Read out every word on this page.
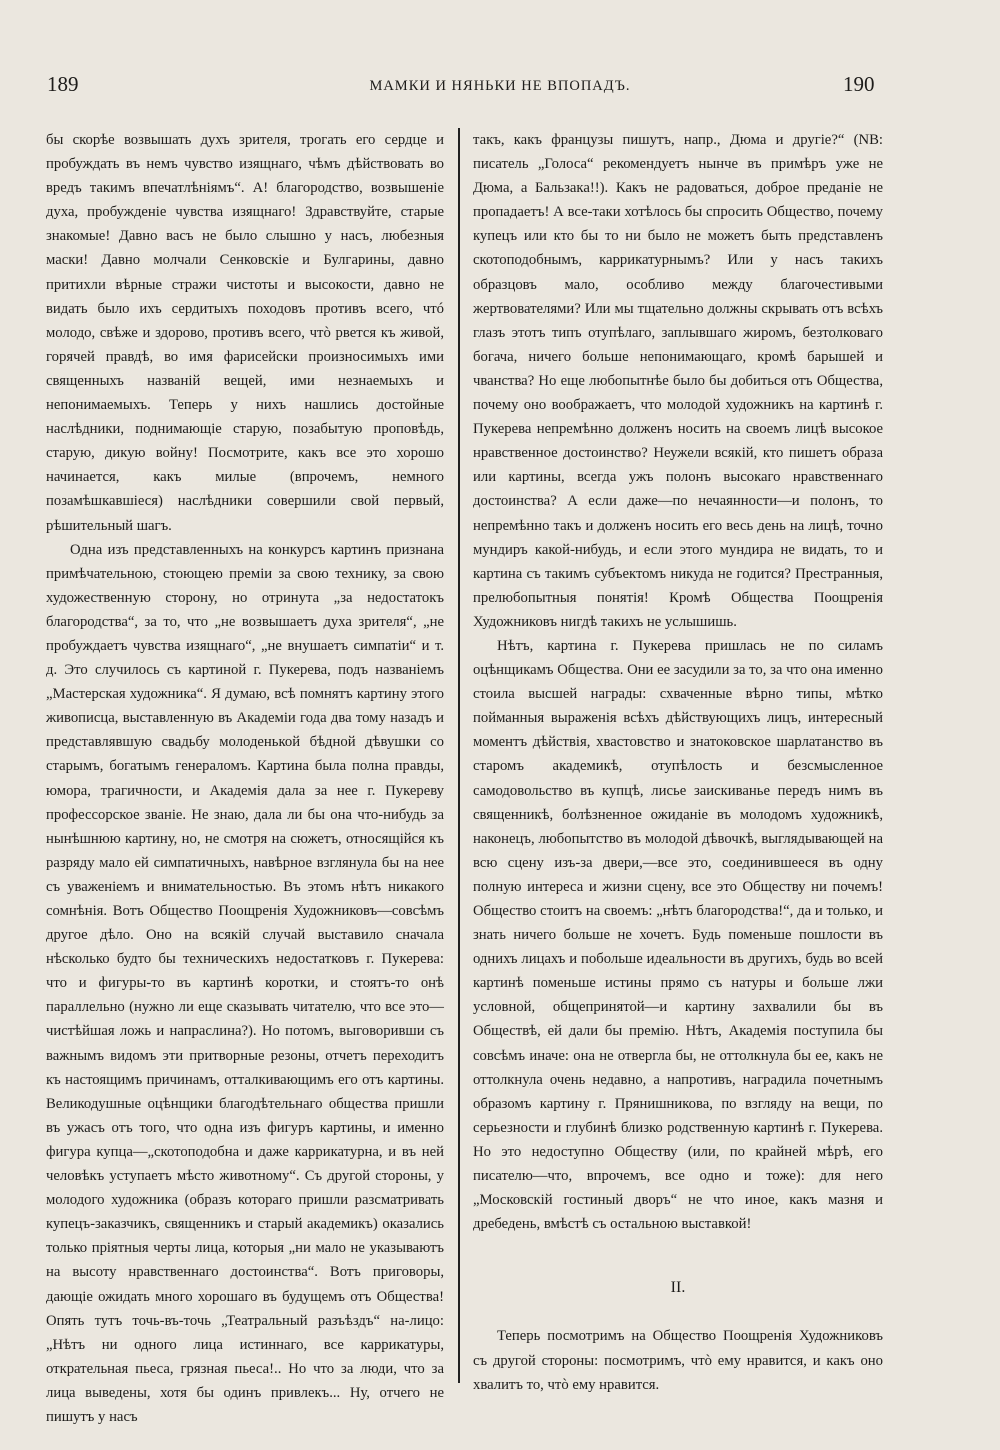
189	МАМКИ И НЯНЬКИ НЕ ВПОПАДЪ.	190

бы скорѣе возвышать духъ зрителя, трогать его сердце и пробуждать въ немъ чувство изящнаго, чѣмъ дѣйствовать во вредъ такимъ впечатлѣніямъ“. А! благородство, возвышеніе духа, пробужденіе чувства изящнаго! Здравствуйте, старые знакомые! Давно васъ не было слышно у насъ, любезныя маски! Давно молчали Сенковскіе и Булгарины, давно притихли вѣрные стражи чистоты и высокости, давно не видать было ихъ сердитыхъ походовъ противъ всего, чтó молодо, свѣже и здорово, противъ всего, чтò рвется къ живой, горячей правдѣ, во имя фарисейски произносимыхъ ими священныхъ названій вещей, ими незнаемыхъ и непонимаемыхъ. Теперь у нихъ нашлись достойные наслѣдники, поднимающіе старую, позабытую проповѣдь, старую, дикую войну! Посмотрите, какъ все это хорошо начинается, какъ милые (впрочемъ, немного позамѣшкавшіеся) наслѣдники совершили свой первый, рѣшительный шагъ.

Одна изъ представленныхъ на конкурсъ картинъ признана примѣчательною, стоющею преміи за свою технику, за свою художественную сторону, но отринута „за недостатокъ благородства“, за то, что „не возвышаетъ духа зрителя“, „не пробуждаетъ чувства изящнаго“, „не внушаетъ симпатіи“ и т. д. Это случилось съ картиной г. Пукерева, подъ названіемъ „Мастерская художника“. Я думаю, всѣ помнятъ картину этого живописца, выставленную въ Академіи года два тому назадъ и представлявшую свадьбу молоденькой бѣдной дѣвушки со старымъ, богатымъ генераломъ. Картина была полна правды, юмора, трагичности, и Академія дала за нее г. Пукереву профессорское званіе. Не знаю, дала ли бы она что-нибудь за нынѣшнюю картину, но, не смотря на сюжетъ, относящійся къ разряду мало ей симпатичныхъ, навѣрное взглянула бы на нее съ уваженіемъ и внимательностью. Въ этомъ нѣтъ никакого сомнѣнія. Вотъ Общество Поощренія Художниковъ—совсѣмъ другое дѣло. Оно на всякій случай выставило сначала нѣсколько будто бы техническихъ недостатковъ г. Пукерева: что и фигуры-то въ картинѣ коротки, и стоятъ-то онѣ параллельно (нужно ли еще сказывать читателю, что все это—чистѣйшая ложь и напраслина?). Но потомъ, выговоривши съ важнымъ видомъ эти притворные резоны, отчетъ переходитъ къ настоящимъ причинамъ, отталкивающимъ его отъ картины. Великодушные оцѣнщики благодѣтельнаго общества пришли въ ужасъ отъ того, что одна изъ фигуръ картины, и именно фигура купца—„скотоподобна и даже каррикатурна, и въ ней человѣкъ уступаетъ мѣсто животному“. Съ другой стороны, у молодого художника (образъ котораго пришли разсматривать купецъ-заказчикъ, священникъ и старый академикъ) оказались только пріятныя черты лица, которыя „ни мало не указываютъ на высоту нравственнаго достоинства“. Вотъ приговоры, дающіе ожидать много хорошаго въ будущемъ отъ Общества! Опять тутъ точь-въ-точь „Театральный разъѣздъ“ на-лицо: „Нѣтъ ни одного лица истиннаго, все каррикатуры, открательная пьеса, грязная пьеса!.. Но что за люди, что за лица выведены, хотя бы одинъ привлекъ... Ну, отчего не пишутъ у насъ

такъ, какъ французы пишутъ, напр., Дюма и другіе?“ (NB: писатель „Голоса“ рекомендуетъ нынче въ примѣръ уже не Дюма, а Бальзака!!). Какъ не радоваться, доброе преданіе не пропадаетъ! А все-таки хотѣлось бы спросить Общество, почему купецъ или кто бы то ни было не можетъ быть представленъ скотоподобнымъ, каррикатурнымъ? Или у насъ такихъ образцовъ мало, особливо между благочестивыми жертвователями? Или мы тщательно должны скрывать отъ всѣхъ глазъ этотъ типъ отупѣлаго, заплывшаго жиромъ, безтолковаго богача, ничего больше непонимающаго, кромѣ барышей и чванства? Но еще любопытнѣе было бы добиться отъ Общества, почему оно воображаетъ, что молодой художникъ на картинѣ г. Пукерева непремѣнно долженъ носить на своемъ лицѣ высокое нравственное достоинство? Неужели всякій, кто пишетъ образа или картины, всегда ужъ полонъ высокаго нравственнаго достоинства? А если даже—по нечаянности—и полонъ, то непремѣнно такъ и долженъ носить его весь день на лицѣ, точно мундиръ какой-нибудь, и если этого мундира не видать, то и картина съ такимъ субъектомъ никуда не годится? Престранныя, прелюбопытныя понятія! Кромѣ Общества Поощренія Художниковъ нигдѣ такихъ не услышишь.

Нѣтъ, картина г. Пукерева пришлась не по силамъ оцѣнщикамъ Общества. Они ее засудили за то, за что она именно стоила высшей награды: схваченные вѣрно типы, мѣтко пойманныя выраженія всѣхъ дѣйствующихъ лицъ, интересный моментъ дѣйствія, хвастовство и знатоковское шарлатанство въ старомъ академикѣ, отупѣлость и безсмысленное самодовольство въ купцѣ, лисье заискиванье передъ нимъ въ священникѣ, болѣзненное ожиданіе въ молодомъ художникѣ, наконецъ, любопытство въ молодой дѣвочкѣ, выглядывающей на всю сцену изъ-за двери,—все это, соединившееся въ одну полную интереса и жизни сцену, все это Обществу ни почемъ! Общество стоитъ на своемъ: „нѣтъ благородства!“, да и только, и знать ничего больше не хочетъ. Будь поменьше пошлости въ однихъ лицахъ и побольше идеальности въ другихъ, будь во всей картинѣ поменьше истины прямо съ натуры и больше лжи условной, общепринятой—и картину захвалили бы въ Обществѣ, ей дали бы премію. Нѣтъ, Академія поступила бы совсѣмъ иначе: она не отвергла бы, не оттолкнула бы ее, какъ не оттолкнула очень недавно, а напротивъ, наградила почетнымъ образомъ картину г. Прянишникова, по взгляду на вещи, по серьезности и глубинѣ близко родственную картинѣ г. Пукерева. Но это недоступно Обществу (или, по крайней мѣрѣ, его писателю—что, впрочемъ, все одно и тоже): для него „Московскій гостиный дворъ“ не что иное, какъ мазня и дребедень, вмѣстѣ съ остальною выставкой!

II.

Теперь посмотримъ на Общество Поощренія Художниковъ съ другой стороны: посмотримъ, чтò ему нравится, и какъ оно хвалитъ то, чтò ему нравится.
